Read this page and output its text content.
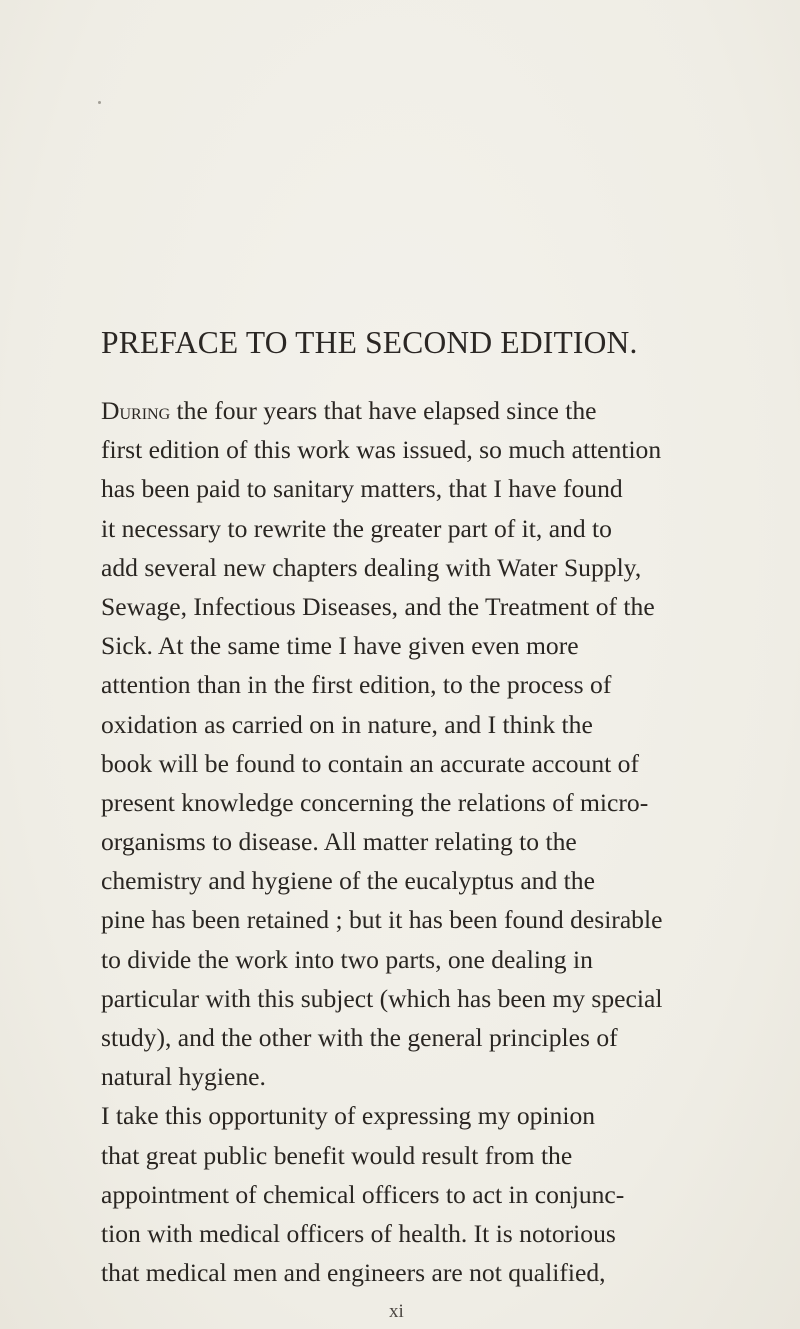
PREFACE TO THE SECOND EDITION.
During the four years that have elapsed since the
first edition of this work was issued, so much attention
has been paid to sanitary matters, that I have found
it necessary to rewrite the greater part of it, and to
add several new chapters dealing with Water Supply,
Sewage, Infectious Diseases, and the Treatment of the
Sick. At the same time I have given even more
attention than in the first edition, to the process of
oxidation as carried on in nature, and I think the
book will be found to contain an accurate account of
present knowledge concerning the relations of micro-
organisms to disease. All matter relating to the
chemistry and hygiene of the eucalyptus and the
pine has been retained ; but it has been found desirable
to divide the work into two parts, one dealing in
particular with this subject (which has been my special
study), and the other with the general principles of
natural hygiene.
I take this opportunity of expressing my opinion
that great public benefit would result from the
appointment of chemical officers to act in conjunc-
tion with medical officers of health. It is notorious
that medical men and engineers are not qualified,
xi
